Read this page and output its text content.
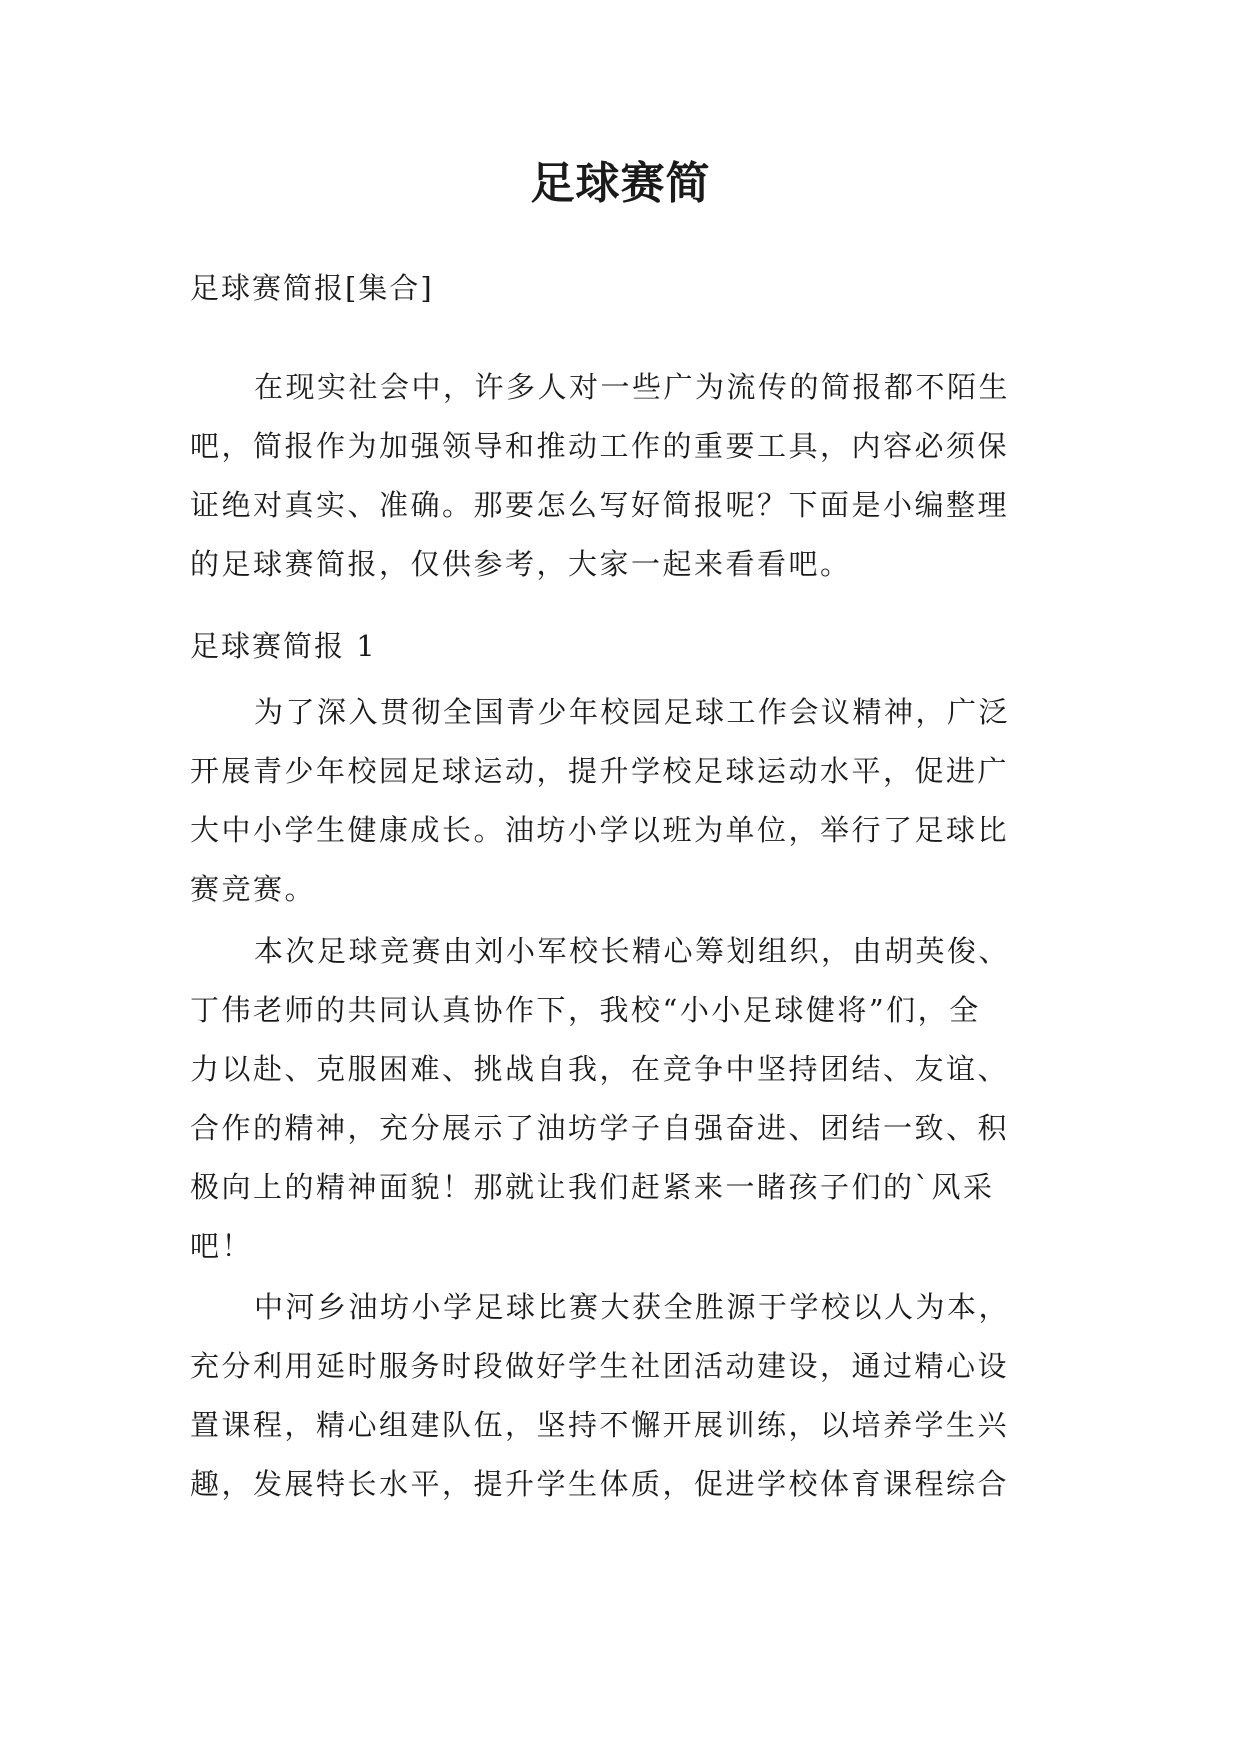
足球赛简

足球赛简报[集合]

在现实社会中，许多人对一些广为流传的简报都不陌生
吧，简报作为加强领导和推动工作的重要工具，内容必须保
证绝对真实、准确。那要怎么写好简报呢？下面是小编整理
的足球赛简报，仅供参考，大家一起来看看吧。

足球赛简报 1

为了深入贯彻全国青少年校园足球工作会议精神，广泛
开展青少年校园足球运动，提升学校足球运动水平，促进广
大中小学生健康成长。油坊小学以班为单位，举行了足球比
赛竞赛。
本次足球竞赛由刘小军校长精心筹划组织，由胡英俊、
丁伟老师的共同认真协作下，我校“小小足球健将”们，全
力以赴、克服困难、挑战自我，在竞争中坚持团结、友谊、
合作的精神，充分展示了油坊学子自强奋进、团结一致、积
极向上的精神面貌！那就让我们赶紧来一睹孩子们的`风采
吧！
中河乡油坊小学足球比赛大获全胜源于学校以人为本，
充分利用延时服务时段做好学生社团活动建设，通过精心设
置课程，精心组建队伍，坚持不懈开展训练，以培养学生兴
趣，发展特长水平，提升学生体质，促进学校体育课程综合
